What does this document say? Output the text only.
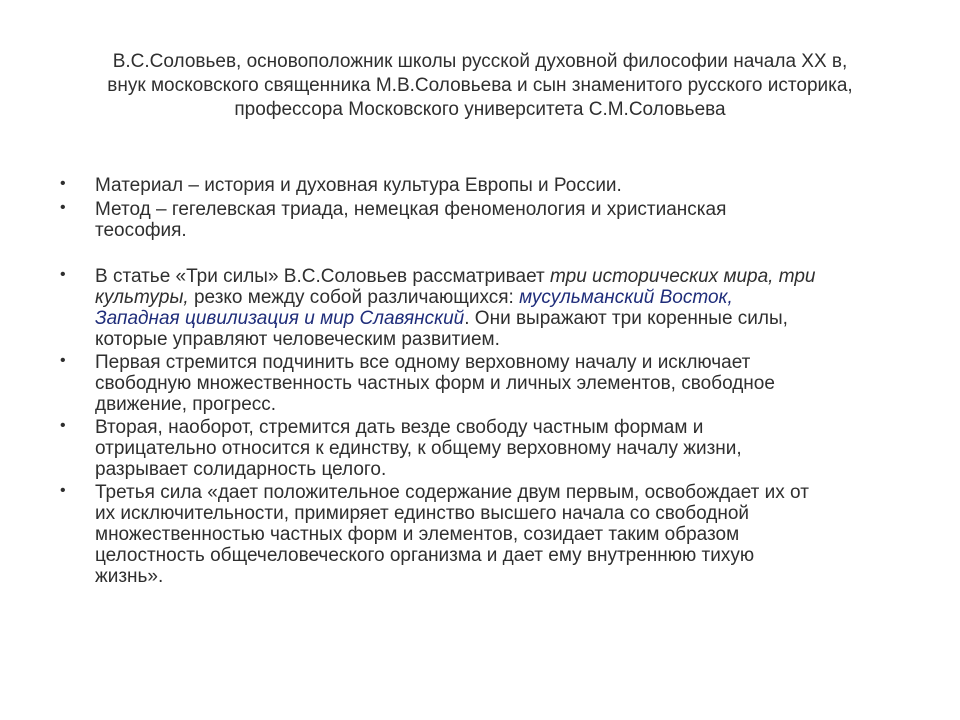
В.С.Соловьев, основоположник школы русской духовной философии начала ХХ в,
внук московского священника М.В.Соловьева и сын знаменитого русского историка,
профессора Московского университета С.М.Соловьева
• Материал – история и духовная культура Европы и России.
• Метод – гегелевская триада, немецкая феноменология и христианская
теософия.
• В статье «Три силы» В.С.Соловьев рассматривает три исторических мира, три
культуры, резко между собой различающихся: мусульманский Восток,
Западная цивилизация и мир Славянский. Они выражают три коренные силы,
которые управляют человеческим развитием.
• Первая стремится подчинить все одному верховному началу и исключает
свободную множественность частных форм и личных элементов, свободное
движение, прогресс.
• Вторая, наоборот, стремится дать везде свободу частным формам и
отрицательно относится к единству, к общему верховному началу жизни,
разрывает солидарность целого.
• Третья сила «дает положительное содержание двум первым, освобождает их от
их исключительности, примиряет единство высшего начала со свободной
множественностью частных форм и элементов, созидает таким образом
целостность общечеловеческого организма и дает ему внутреннюю тихую
жизнь».
